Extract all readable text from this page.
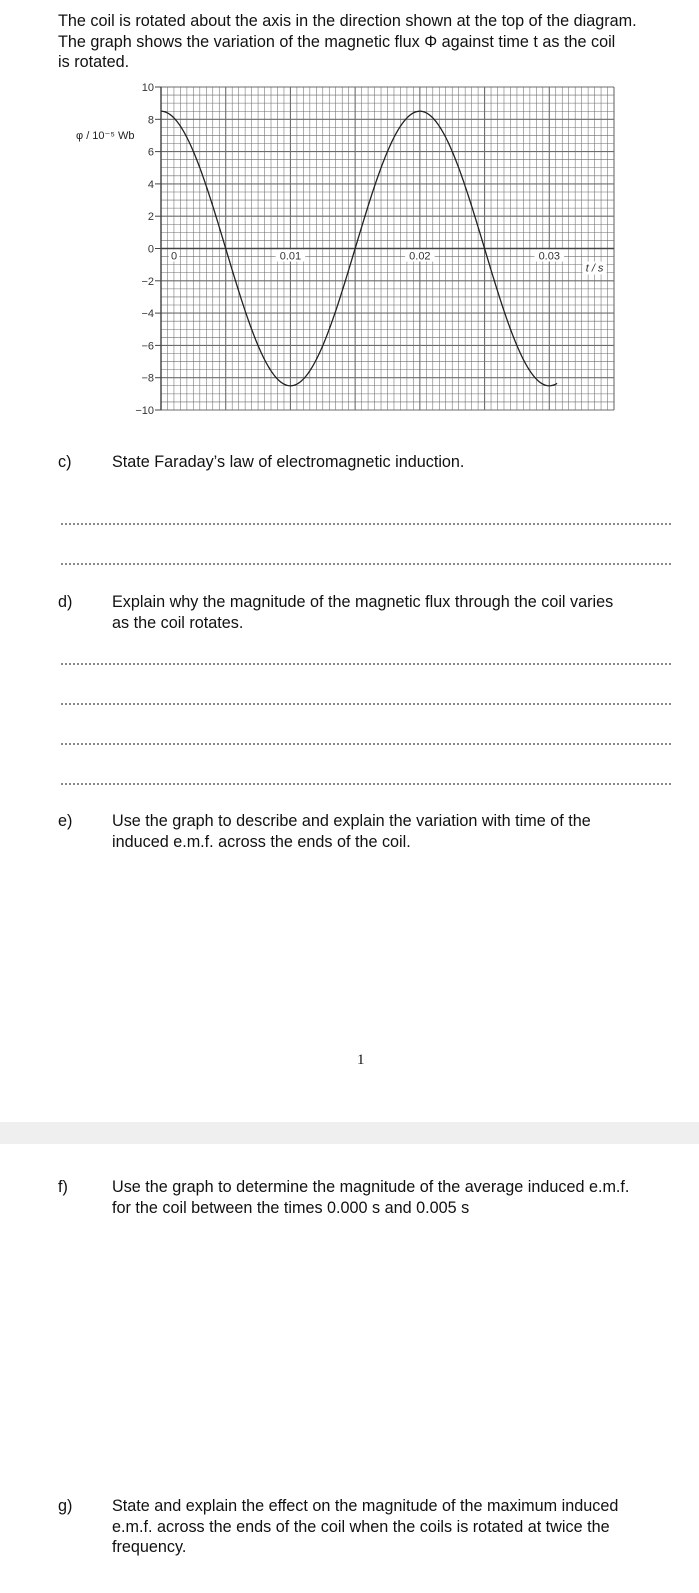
The coil is rotated about the axis in the direction shown at the top of the diagram.
The graph shows the variation of the magnetic flux Φ against time t as the coil
is rotated.
10
8
6
4
2
0
−2
−4
−6
−8
−10
0	0.01	0.02	0.03
t / s
φ / 10⁻⁵ Wb
c)	State Faraday’s law of electromagnetic induction.
d) Explain why the magnitude of the magnetic flux through the coil varies
as the coil rotates.
e) Use the graph to describe and explain the variation with time of the
induced e.m.f. across the ends of the coil.
1
f)	Use the graph to determine the magnitude of the average induced e.m.f.
for the coil between the times 0.000 s and 0.005 s
g) State and explain the effect on the magnitude of the maximum induced
e.m.f. across the ends of the coil when the coils is rotated at twice the
frequency.
